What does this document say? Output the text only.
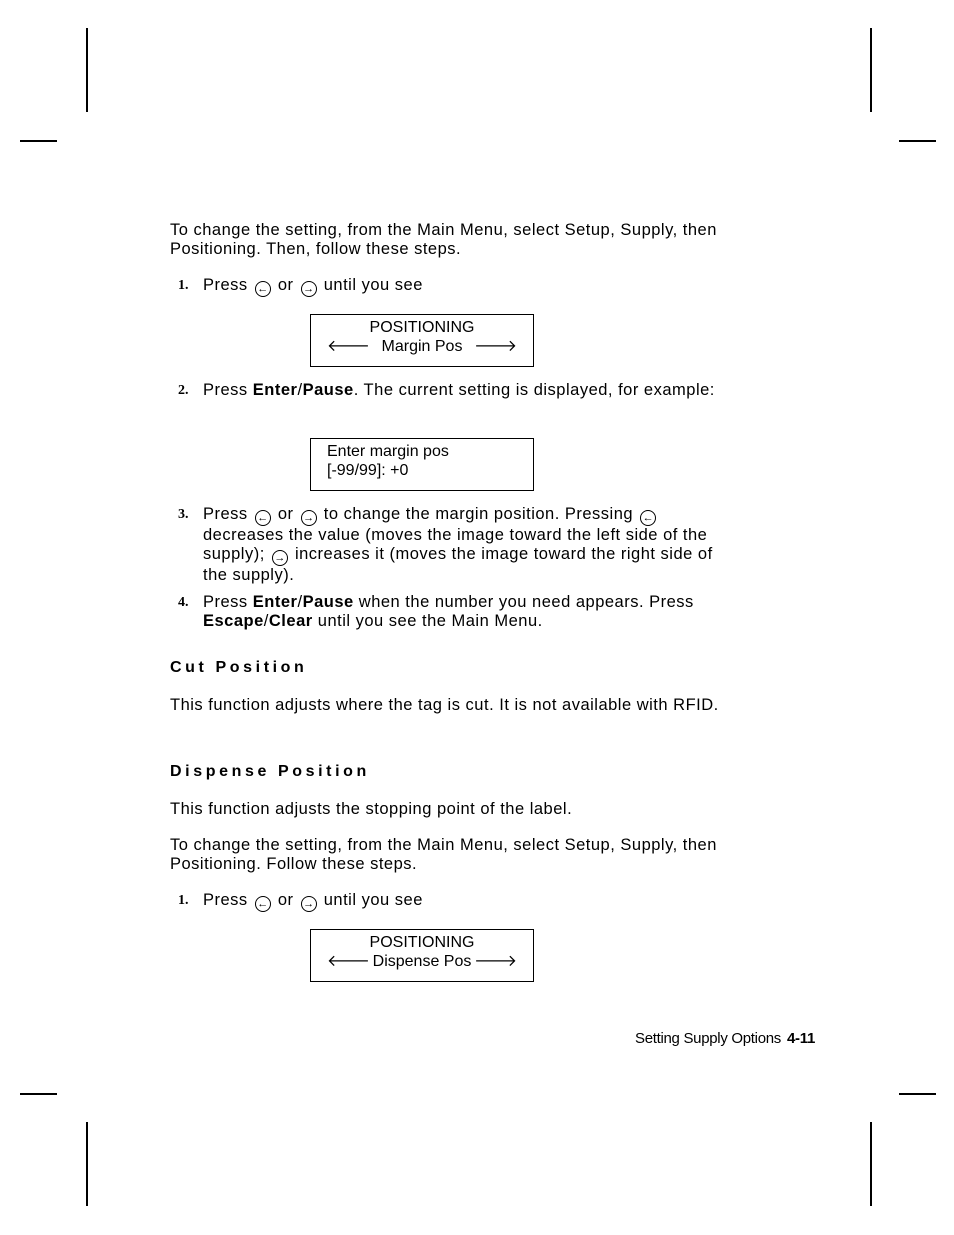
To change the setting, from the Main Menu, select Setup, Supply, then Positioning. Then, follow these steps.

1. Press ← or → until you see
POSITIONING
🡐 Margin Pos 🡒
2. Press Enter/Pause. The current setting is displayed, for example:
Enter margin pos
[-99/99]: +0
3. Press ← or → to change the margin position. Pressing ← decreases the value (moves the image toward the left side of the supply); → increases it (moves the image toward the right side of the supply).
4. Press Enter/Pause when the number you need appears. Press Escape/Clear until you see the Main Menu.
Cut Position

This function adjusts where the tag is cut. It is not available with RFID.

Dispense Position

This function adjusts the stopping point of the label.

To change the setting, from the Main Menu, select Setup, Supply, then Positioning. Follow these steps.

1. Press ← or → until you see
POSITIONING
🡐 Dispense Pos 🡒
Setting Supply Options 4-11
